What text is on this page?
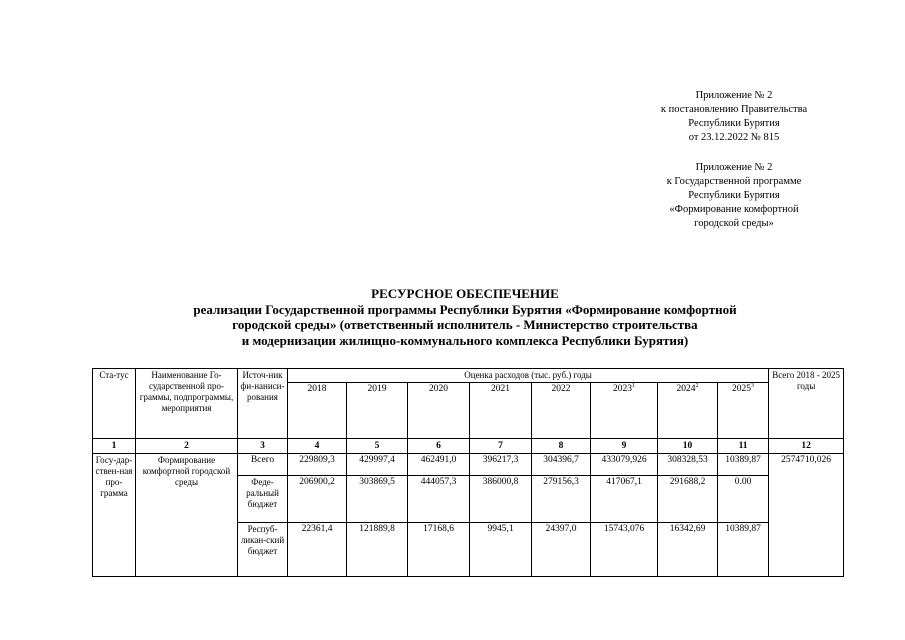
Приложение № 2
к постановлению Правительства
Республики Бурятия
от 23.12.2022 № 815
Приложение № 2
к Государственной программе
Республики Бурятия
«Формирование комфортной
городской среды»
РЕСУРСНОЕ ОБЕСПЕЧЕНИЕ
реализации Государственной программы Республики Бурятия «Формирование комфортной
городской среды» (ответственный исполнитель - Министерство строительства
и модернизации жилищно-коммунального комплекса Республики Бурятия)
Ста-тус	Наименование Го-сударственной про-граммы, подпрограммы, мероприятия	Источ-ник фи-наниси-рования	Оценка расходов (тыс. руб.) годы								Всего 2018 - 2025 годы
			2018	2019	2020	2021	2022	2023$^1$	2024$^2$	2025$^3$
1	2	3	4	5	6	7	8	9	10	11	12
Госу-дар-ствен-ная про-грамма	Формирование комфортной городской среды	Всего	229809,3	429997,4	462491,0	396217,3	304396,7	433079,926	308328,53	10389,87	2574710,026
		Феде-ральный бюджет	206900,2	303869,5	444057,3	386000,8	279156,3	417067,1	291688,2	0.00	
		Респуб-ликан-ский бюджет	22361,4	121889,8	17168,6	9945,1	24397,0	15743,076	16342,69	10389,87	
